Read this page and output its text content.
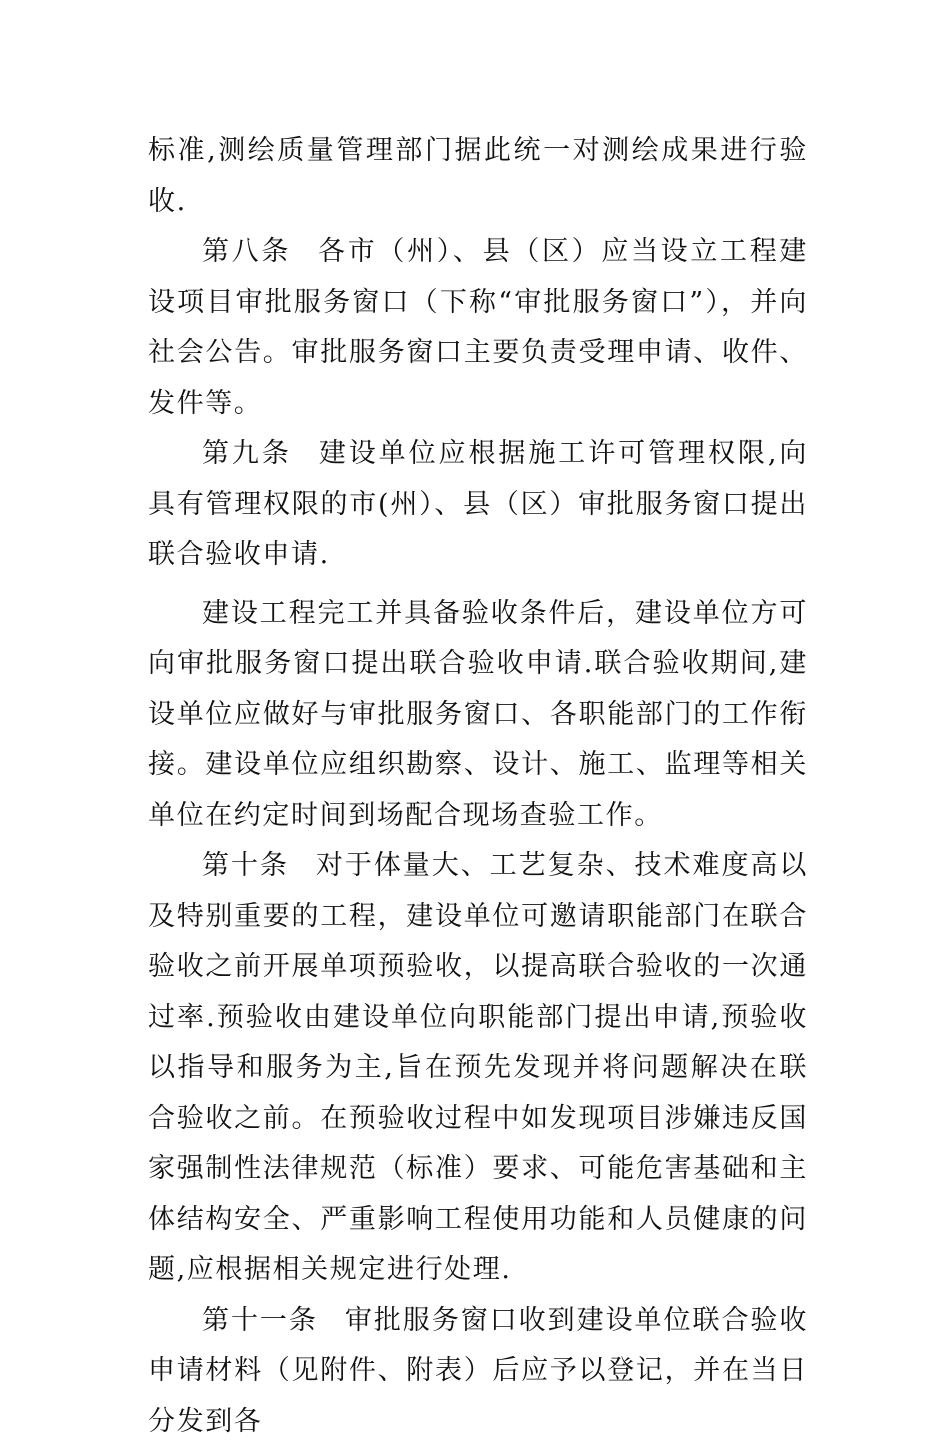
标准,测绘质量管理部门据此统一对测绘成果进行验收.

第八条 各市（州）、县（区）应当设立工程建设项目审批服务窗口（下称“审批服务窗口”），并向社会公告。审批服务窗口主要负责受理申请、收件、发件等。

第九条 建设单位应根据施工许可管理权限,向具有管理权限的市(州）、县（区）审批服务窗口提出联合验收申请.

建设工程完工并具备验收条件后，建设单位方可向审批服务窗口提出联合验收申请.联合验收期间,建设单位应做好与审批服务窗口、各职能部门的工作衔接。建设单位应组织勘察、设计、施工、监理等相关单位在约定时间到场配合现场查验工作。

第十条 对于体量大、工艺复杂、技术难度高以及特别重要的工程，建设单位可邀请职能部门在联合验收之前开展单项预验收，以提高联合验收的一次通过率.预验收由建设单位向职能部门提出申请,预验收以指导和服务为主,旨在预先发现并将问题解决在联合验收之前。在预验收过程中如发现项目涉嫌违反国家强制性法律规范（标准）要求、可能危害基础和主体结构安全、严重影响工程使用功能和人员健康的问题,应根据相关规定进行处理.

第十一条 审批服务窗口收到建设单位联合验收申请材料（见附件、附表）后应予以登记，并在当日分发到各
